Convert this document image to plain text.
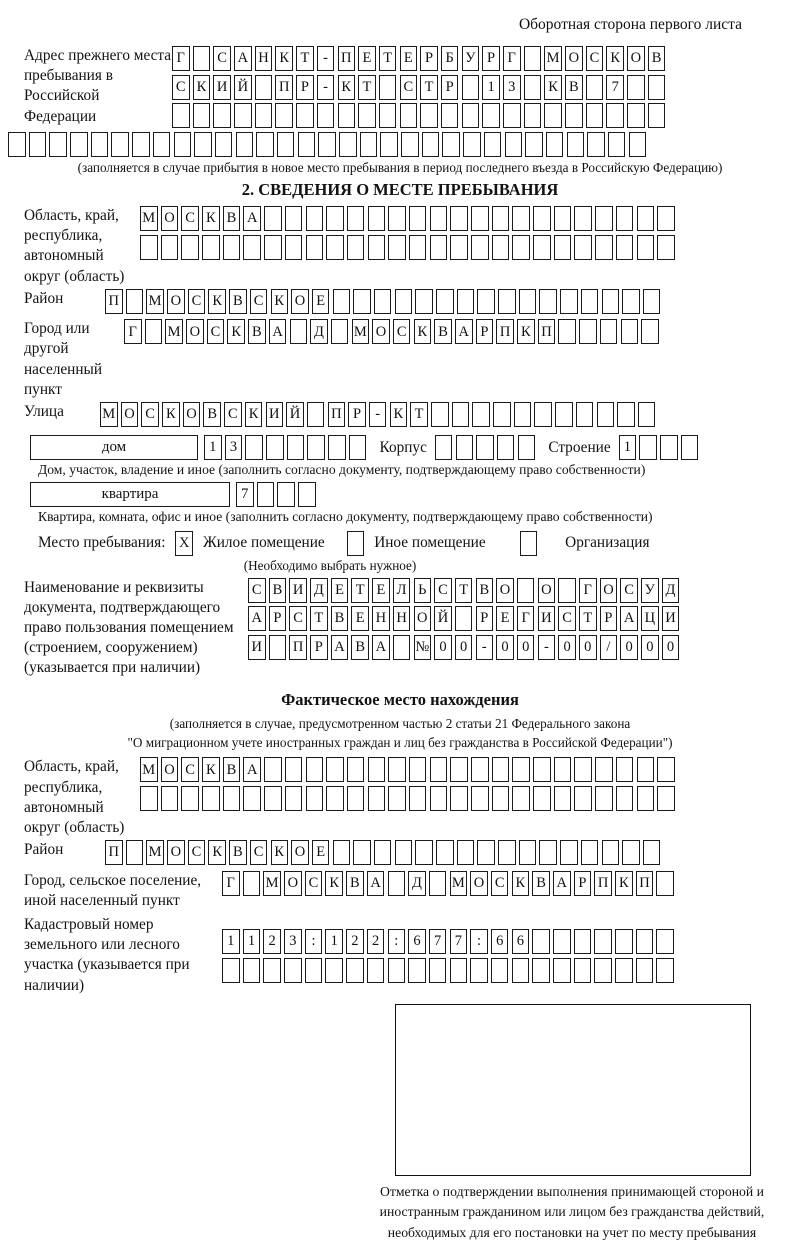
Оборотная сторона первого листа
Адрес прежнего места пребывания в Российской Федерации
Г	С А Н К Т - П Е Т Е Р Б У Р Г	М О С К О В
С К И Й П Р - К Т С Т Р	1 3	К В	7
(заполняется в случае прибытия в новое место пребывания в период последнего въезда в Российскую Федерацию)
2. СВЕДЕНИЯ О МЕСТЕ ПРЕБЫВАНИЯ
Область, край, республика, автономный округ (область)
М О С К В А
Район	П М О С К В С К О Е
Город или другой населенный пункт
Г	М О С К В А Д М О С К В А Р П К П
Улица	М О С К О В С К И Й П Р - К Т
дом	1 3	Корпус	Строение 1
Дом, участок, владение и иное (заполнить согласно документу, подтверждающему право собственности)
квартира	7
Квартира, комната, офис и иное (заполнить согласно документу, подтверждающему право собственности)
Место пребывания: X Жилое помещение	Иное помещение	Организация
(Необходимо выбрать нужное)
Наименование и реквизиты документа, подтверждающего право пользования помещением (строением, сооружением) (указывается при наличии)
С В И Д Е Т Е Л Ь С Т В О О	Г О С У Д
А Р С Т В Е Н Н О Й	Р Е Г И С Т Р А Ц И
И П Р А В А № 0 0	-	0 0	-	0 0	/	0 0 0
Фактическое место нахождения
(заполняется в случае, предусмотренном частью 2 статьи 21 Федерального закона
"О миграционном учете иностранных граждан и лиц без гражданства в Российской Федерации")
Область, край, республика, автономный округ (область)
М О С К В А
Район	П М О С К В С К О Е
Город, сельское поселение, иной населенный пункт
Г	М О С К В А Д М О С К В А Р П К П
Кадастровый номер земельного или лесного участка (указывается при наличии)
1 1 2 3	:	1 2 2	:	6 7 7	:	6 6
Отметка о подтверждении выполнения принимающей стороной и иностранным гражданином или лицом без гражданства действий, необходимых для его постановки на учет по месту пребывания
